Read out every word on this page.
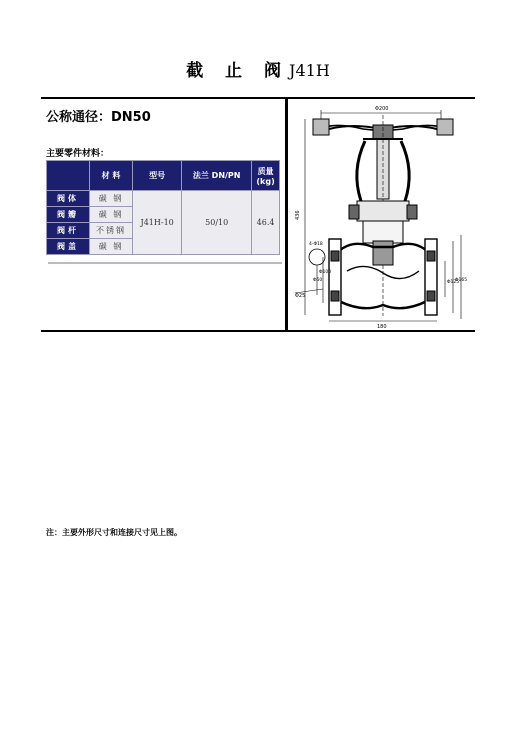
截 止 阀J41H
公称通径：DN50
主要零件材料：
	材 料	型号	法兰 DN/PN	质量
(kg)
阀体	碳 钢	J41H-10	50/10	46.4
阀瓣	碳 钢			
阀杆	不锈钢			
阀盖	碳 钢			
Φ200
436
180
Φ25
Φ125
Φ165
Φ50
Φ100
4-Φ18
注：主要外形尺寸和连接尺寸见上图。
